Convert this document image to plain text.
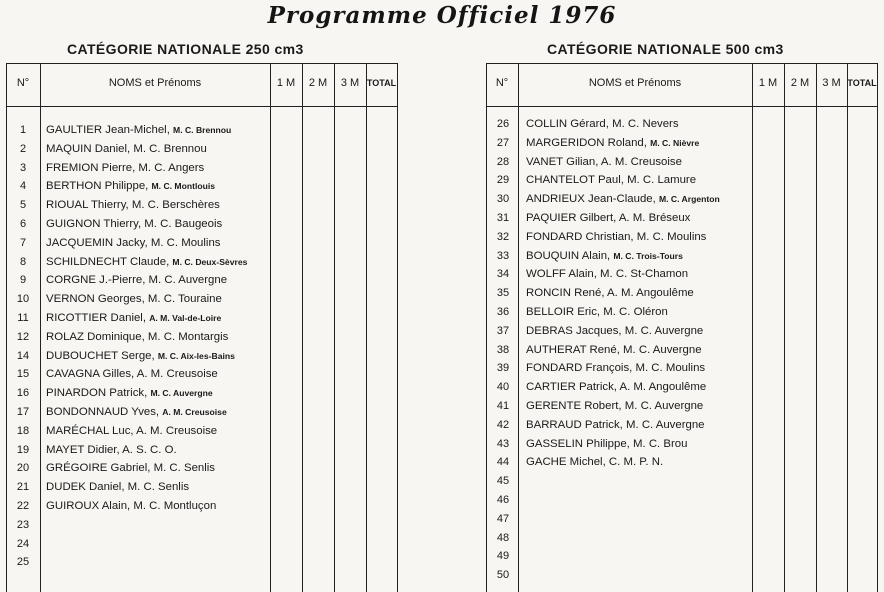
Programme Officiel 1976
CATÉGORIE NATIONALE 250 cm3	CATÉGORIE NATIONALE 500 cm3
N°	NOMS et Prénoms	1 M	2 M	3 M TOTAL
1	GAULTIER Jean-Michel, M. C. Brennou
2	MAQUIN Daniel, M. C. Brennou
3	FREMION Pierre, M. C. Angers
4	BERTHON Philippe, M. C. Montlouis
5	RIOUAL Thierry, M. C. Berschères
6	GUIGNON Thierry, M. C. Baugeois
7	JACQUEMIN Jacky, M. C. Moulins
8	SCHILDNECHT Claude, M. C. Deux-Sèvres
9	CORGNE J.-Pierre, M. C. Auvergne
10	VERNON Georges, M. C. Touraine
11	RICOTTIER Daniel, A. M. Val-de-Loire
12	ROLAZ Dominique, M. C. Montargis
14	DUBOUCHET Serge, M. C. Aix-les-Bains
15	CAVAGNA Gilles, A. M. Creusoise
16	PINARDON Patrick, M. C. Auvergne
17	BONDONNAUD Yves, A. M. Creusoise
18	MARÉCHAL Luc, A. M. Creusoise
19	MAYET Didier, A. S. C. O.
20	GRÉGOIRE Gabriel, M. C. Senlis
21	DUDEK Daniel, M. C. Senlis
22	GUIROUX Alain, M. C. Montluçon
23
24
25
N°	NOMS et Prénoms	1 M	2 M	3 M TOTAL
26	COLLIN Gérard, M. C. Nevers
27	MARGERIDON Roland, M. C. Nièvre
28	VANET Gilian, A. M. Creusoise
29	CHANTELOT Paul, M. C. Lamure
30	ANDRIEUX Jean-Claude, M. C. Argenton
31	PAQUIER Gilbert, A. M. Bréseux
32	FONDARD Christian, M. C. Moulins
33	BOUQUIN Alain, M. C. Trois-Tours
34	WOLFF Alain, M. C. St-Chamon
35	RONCIN René, A. M. Angoulême
36	BELLOIR Eric, M. C. Oléron
37	DEBRAS Jacques, M. C. Auvergne
38	AUTHERAT René, M. C. Auvergne
39	FONDARD François, M. C. Moulins
40	CARTIER Patrick, A. M. Angoulême
41	GERENTE Robert, M. C. Auvergne
42	BARRAUD Patrick, M. C. Auvergne
43	GASSELIN Philippe, M. C. Brou
44	GACHE Michel, C. M. P. N.
45
46
47
48
49
50
